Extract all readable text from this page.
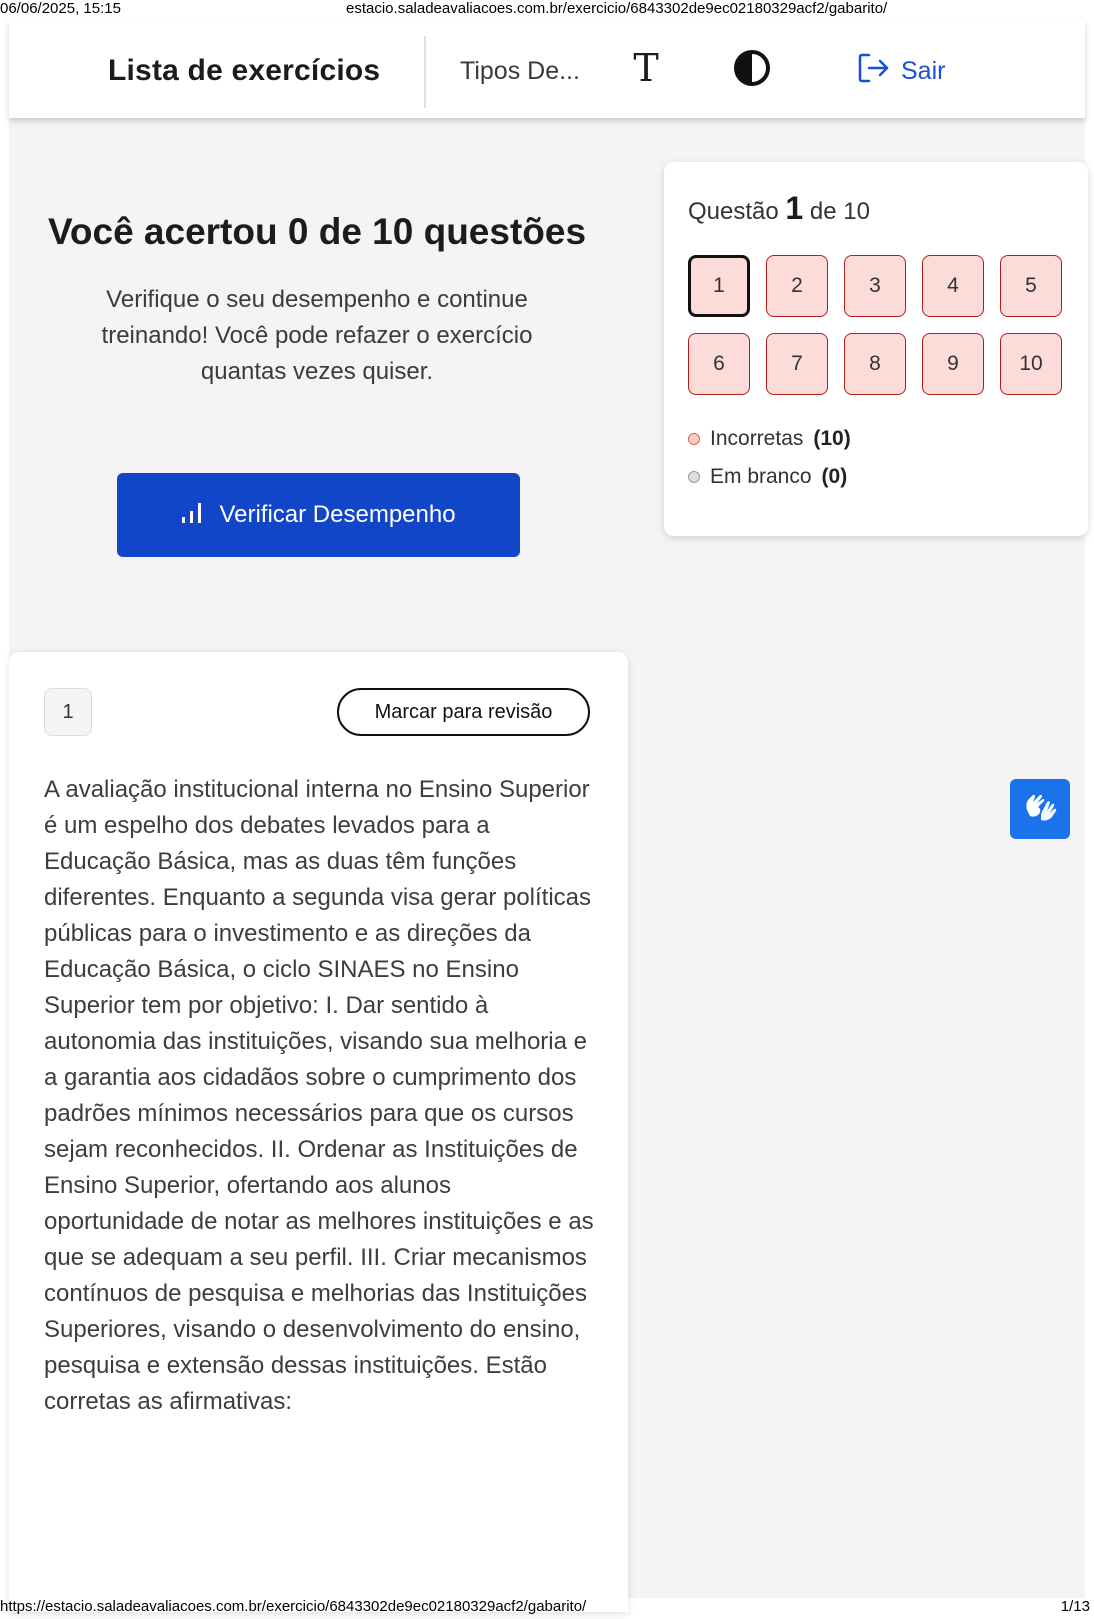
06/06/2025, 15:15	estacio.saladeavaliacoes.com.br/exercicio/6843302de9ec02180329acf2/gabarito/
Lista de exercícios	Tipos De... T	Sair
Você acertou 0 de 10 questões
Verifique o seu desempenho e continue treinando! Você pode refazer o exercício quantas vezes quiser.
Verificar Desempenho
Questão 1 de 10
1	2	3	4	5
6	7	8	9	10
Incorretas (10)
Em branco (0)
1	Marcar para revisão
A avaliação institucional interna no Ensino Superior é um espelho dos debates levados para a Educação Básica, mas as duas têm funções diferentes. Enquanto a segunda visa gerar políticas públicas para o investimento e as direções da Educação Básica, o ciclo SINAES no Ensino Superior tem por objetivo: I. Dar sentido à autonomia das instituições, visando sua melhoria e a garantia aos cidadãos sobre o cumprimento dos padrões mínimos necessários para que os cursos sejam reconhecidos. II. Ordenar as Instituições de Ensino Superior, ofertando aos alunos oportunidade de notar as melhores instituições e as que se adequam a seu perfil. III. Criar mecanismos contínuos de pesquisa e melhorias das Instituições Superiores, visando o desenvolvimento do ensino, pesquisa e extensão dessas instituições. Estão corretas as afirmativas:
https://estacio.saladeavaliacoes.com.br/exercicio/6843302de9ec02180329acf2/gabarito/	1/13
